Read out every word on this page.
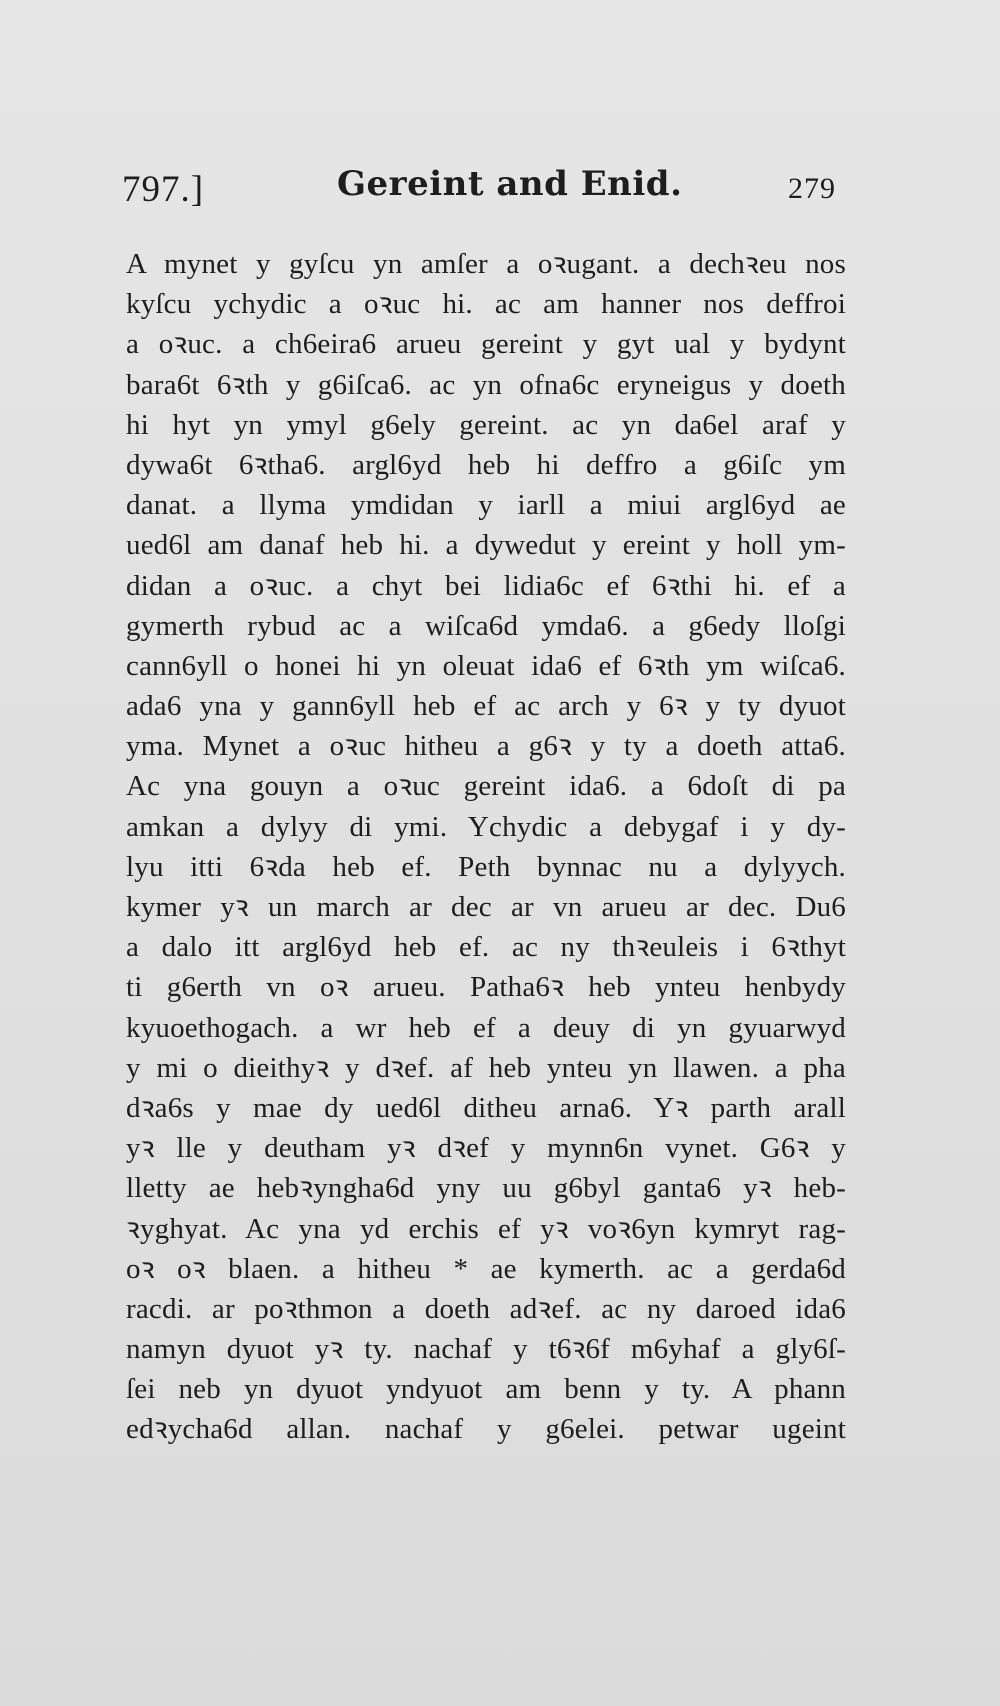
797.]	Gereint and Enid.	279
A mynet y gyſcu yn amſer a oꝛugant. a dechꝛeu nos
kyſcu ychydic a oꝛuc hi. ac am hanner nos deffroi
a oꝛuc. a ch6eira6 arueu gereint y gyt ual y bydynt
bara6t 6ꝛth y g6iſca6. ac yn ofna6c eryneigus y doeth
hi hyt yn ymyl g6ely gereint. ac yn da6el araf y
dywa6t 6ꝛtha6. argl6yd heb hi deffro a g6iſc ym
danat. a llyma ymdidan y iarll a miui argl6yd ae
ued6l am danaf heb hi. a dywedut y ereint y holl ym-
didan a oꝛuc. a chyt bei lidia6c ef 6ꝛthi hi. ef a
gymerth rybud ac a wiſca6d ymda6. a g6edy lloſgi
cann6yll o honei hi yn oleuat ida6 ef 6ꝛth ym wiſca6.
ada6 yna y gann6yll heb ef ac arch y 6ꝛ y ty dyuot
yma. Mynet a oꝛuc hitheu a g6ꝛ y ty a doeth atta6.
Ac yna gouyn a oꝛuc gereint ida6. a 6doſt di pa
amkan a dylyy di ymi. Ychydic a debygaf i y dy-
lyu itti 6ꝛda heb ef. Peth bynnac nu a dylyych.
kymer yꝛ un march ar dec ar vn arueu ar dec. Du6
a dalo itt argl6yd heb ef. ac ny thꝛeuleis i 6ꝛthyt
ti g6erth vn oꝛ arueu. Patha6ꝛ heb ynteu henbydy
kyuoethogach. a wr heb ef a deuy di yn gyuarwyd
y mi o dieithyꝛ y dꝛef. af heb ynteu yn llawen. a pha
dꝛa6s y mae dy ued6l ditheu arna6. Yꝛ parth arall
yꝛ lle y deutham yꝛ dꝛef y mynn6n vynet. G6ꝛ y
lletty ae hebꝛyngha6d yny uu g6byl ganta6 yꝛ heb-
ꝛyghyat. Ac yna yd erchis ef yꝛ voꝛ6yn kymryt rag-
oꝛ oꝛ blaen. a hitheu * ae kymerth. ac a gerda6d
racdi. ar poꝛthmon a doeth adꝛef. ac ny daroed ida6
namyn dyuot yꝛ ty. nachaf y t6ꝛ6f m6yhaf a gly6ſ-
ſei neb yn dyuot yndyuot am benn y ty. A phann
edꝛycha6d allan. nachaf y g6elei. petwar ugeint
